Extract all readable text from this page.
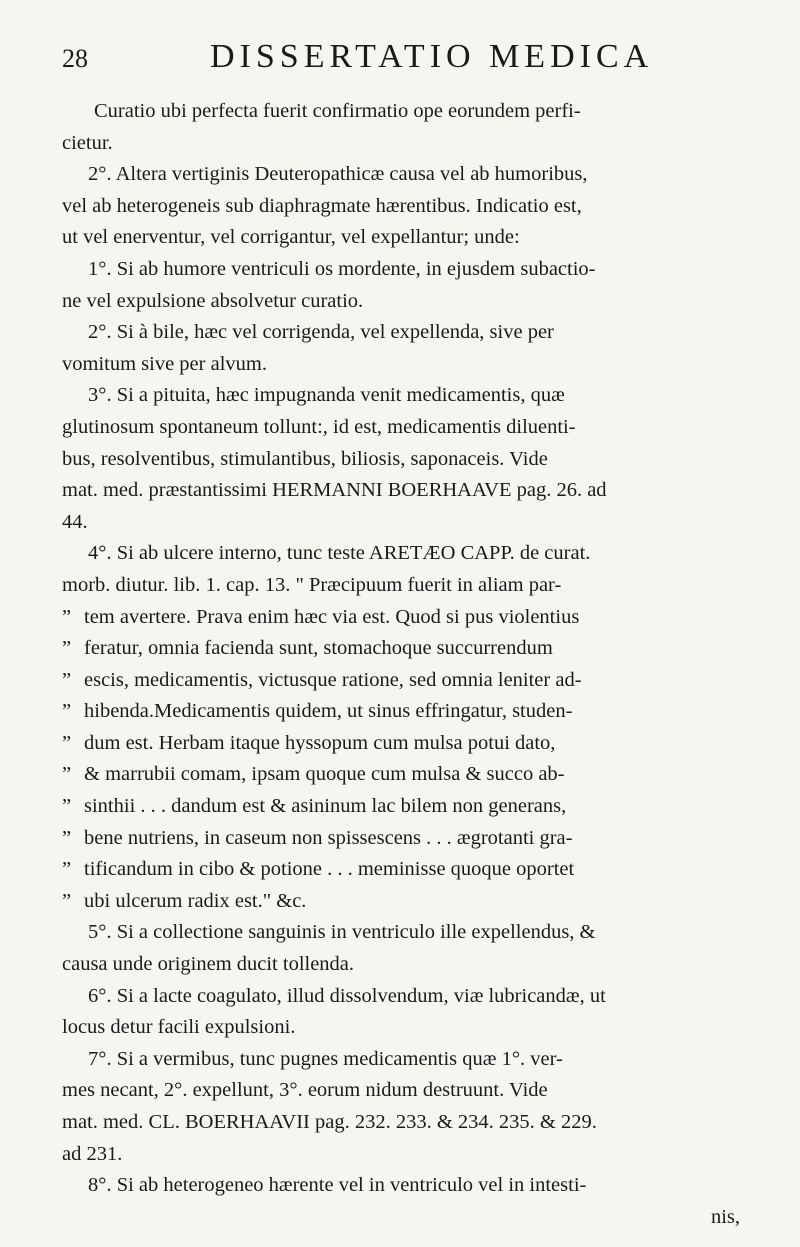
28	DISSERTATIO MEDICA
Curatio ubi perfecta fuerit confirmatio ope eorundem perfi-
cietur.
2°. Altera vertiginis Deuteropathicæ causa vel ab humoribus,
vel ab heterogeneis sub diaphragmate hærentibus. Indicatio est,
ut vel enerventur, vel corrigantur, vel expellantur; unde:
1°. Si ab humore ventriculi os mordente, in ejusdem subactio-
ne vel expulsione absolvetur curatio.
2°. Si à bile, hæc vel corrigenda, vel expellenda, sive per
vomitum sive per alvum.
3°. Si a pituita, hæc impugnanda venit medicamentis, quæ
glutinosum spontaneum tollunt:, id est, medicamentis diluenti-
bus, resolventibus, stimulantibus, biliosis, saponaceis. Vide
mat. med. præstantissimi HERMANNI BOERHAAVE pag. 26. ad
44.
4°. Si ab ulcere interno, tunc teste ARETÆO CAPP. de curat.
morb. diutur. lib. 1. cap. 13. " Præcipuum fuerit in aliam par-
” tem avertere. Prava enim hæc via est. Quod si pus violentius
” feratur, omnia facienda sunt, stomachoque succurrendum
” escis, medicamentis, victusque ratione, sed omnia leniter ad-
” hibenda.Medicamentis quidem, ut sinus effringatur, studen-
” dum est. Herbam itaque hyssopum cum mulsa potui dato,
” & marrubii comam, ipsam quoque cum mulsa & succo ab-
” sinthii . . . dandum est & asininum lac bilem non generans,
” bene nutriens, in caseum non spissescens . . . ægrotanti gra-
” tificandum in cibo & potione . . . meminisse quoque oportet
” ubi ulcerum radix est." &c.
5°. Si a collectione sanguinis in ventriculo ille expellendus, &
causa unde originem ducit tollenda.
6°. Si a lacte coagulato, illud dissolvendum, viæ lubricandæ, ut
locus detur facili expulsioni.
7°. Si a vermibus, tunc pugnes medicamentis quæ 1°. ver-
mes necant, 2°. expellunt, 3°. eorum nidum destruunt. Vide
mat. med. CL. BOERHAAVII pag. 232. 233. & 234. 235. & 229.
ad 231.
8°. Si ab heterogeneo hærente vel in ventriculo vel in intesti-
nis,
